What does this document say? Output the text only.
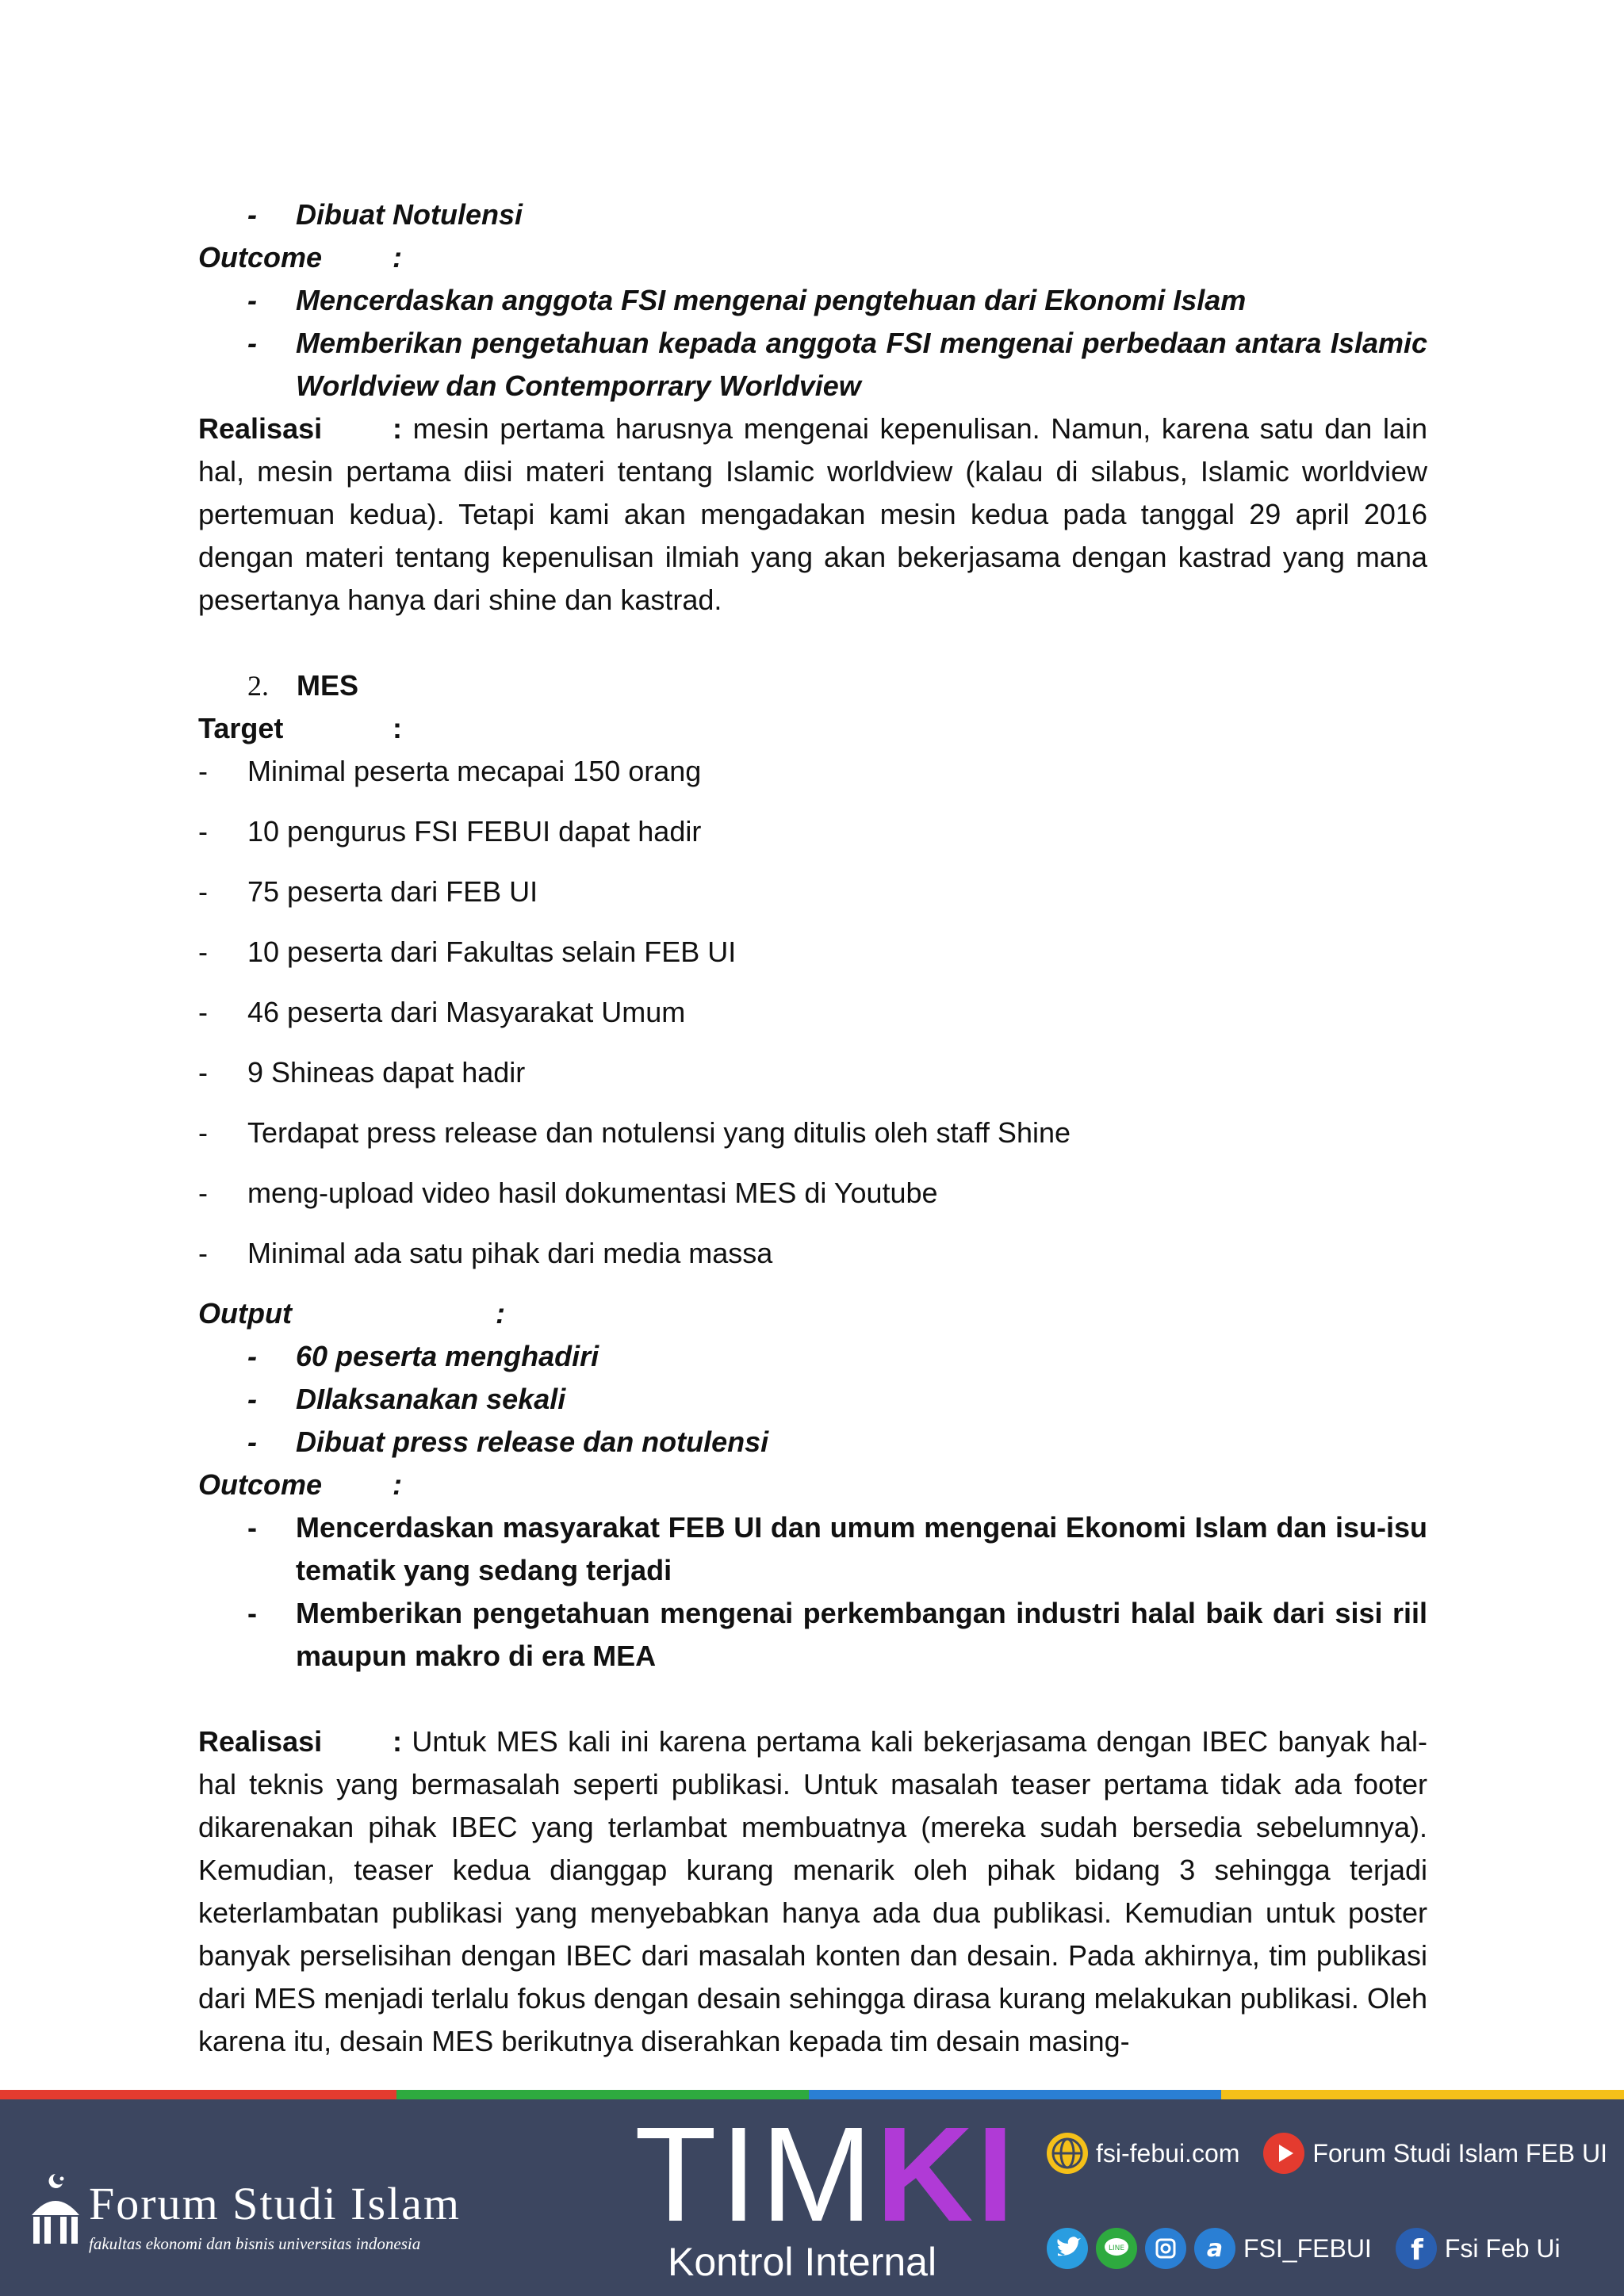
- Dibuat Notulensi
Outcome :
- Mencerdaskan anggota FSI mengenai pengtehuan dari Ekonomi Islam
- Memberikan pengetahuan kepada anggota FSI mengenai perbedaan antara Islamic Worldview dan Contemporrary Worldview
Realisasi : mesin pertama harusnya mengenai kepenulisan. Namun, karena satu dan lain hal, mesin pertama diisi materi tentang Islamic worldview (kalau di silabus, Islamic worldview pertemuan kedua). Tetapi kami akan mengadakan mesin kedua pada tanggal 29 april 2016 dengan materi tentang kepenulisan ilmiah yang akan bekerjasama dengan kastrad yang mana pesertanya hanya dari shine dan kastrad.
2. MES
Target	:
- Minimal peserta mecapai 150 orang
- 10 pengurus FSI FEBUI dapat hadir
- 75 peserta dari FEB UI
- 10 peserta dari Fakultas selain FEB UI
- 46 peserta dari Masyarakat Umum
- 9 Shineas dapat hadir
- Terdapat press release dan notulensi yang ditulis oleh staff Shine
- meng-upload video hasil dokumentasi MES di Youtube
- Minimal ada satu pihak dari media massa
Output	:
- 60 peserta menghadiri
- DIlaksanakan sekali
- Dibuat press release dan notulensi
Outcome :
- Mencerdaskan masyarakat FEB UI dan umum mengenai Ekonomi Islam dan isu-isu tematik yang sedang terjadi
- Memberikan pengetahuan mengenai perkembangan industri halal baik dari sisi riil maupun makro di era MEA
Realisasi : Untuk MES kali ini karena pertama kali bekerjasama dengan IBEC banyak hal-hal teknis yang bermasalah seperti publikasi. Untuk masalah teaser pertama tidak ada footer dikarenakan pihak IBEC yang terlambat membuatnya (mereka sudah bersedia sebelumnya). Kemudian, teaser kedua dianggap kurang menarik oleh pihak bidang 3 sehingga terjadi keterlambatan publikasi yang menyebabkan hanya ada dua publikasi. Kemudian untuk poster banyak perselisihan dengan IBEC dari masalah konten dan desain. Pada akhirnya, tim publikasi dari MES menjadi terlalu fokus dengan desain sehingga dirasa kurang melakukan publikasi. Oleh karena itu, desain MES berikutnya diserahkan kepada tim desain masing-
Forum Studi Islam
fakultas ekonomi dan bisnis universitas indonesia TIMKI
Kontrol Internal
fsi-febui.com	Forum Studi Islam FEB UI
LINE	a FSI_FEBUI f Fsi Feb Ui
